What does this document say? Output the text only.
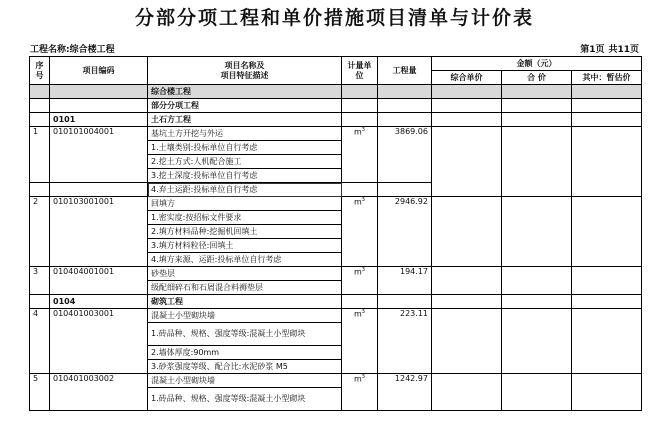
分部分项工程和单价措施项目清单与计价表
工程名称:综合楼工程	第1页 共11页
序号	项目编码	项目名称及
项目特征描述	计量单位	工程量	金额（元）		
					综合单价	合 价	其中：暂估价
		综合楼工程					
		部分分项工程					
	0101	土石方工程					
1	010101004001	基坑土方开挖与外运	$m^3$	3869.06			
		1.土壤类别:投标单位自行考虑					
		2.挖土方式:人机配合施工					
		3.挖土深度:投标单位自行考虑					
		4.弃土运距:投标单位自行考虑					
2	010103001001	回填方	$m^3$	2946.92			
		1.密实度:按招标文件要求					
		2.填方材料品种:挖掘机回填土					
		3.填方材料粒径:回填土					
		4.填方来源、运距:投标单位自行考虑					
3	010404001001	砂垫层	$m^3$	194.17			
		级配细碎石和石屑混合料褥垫层					
	0104	砌筑工程					
4	010401003001	混凝土小型砌块墙	$m^3$	223.11			
		1.砖品种、规格、强度等级:混凝土小型砌块					
		2.墙体厚度:90mm					
		3.砂浆强度等级、配合比:水泥砂浆 M5					
5	010401003002	混凝土小型砌块墙	$m^3$	1242.97			
		1.砖品种、规格、强度等级:混凝土小型砌块					
